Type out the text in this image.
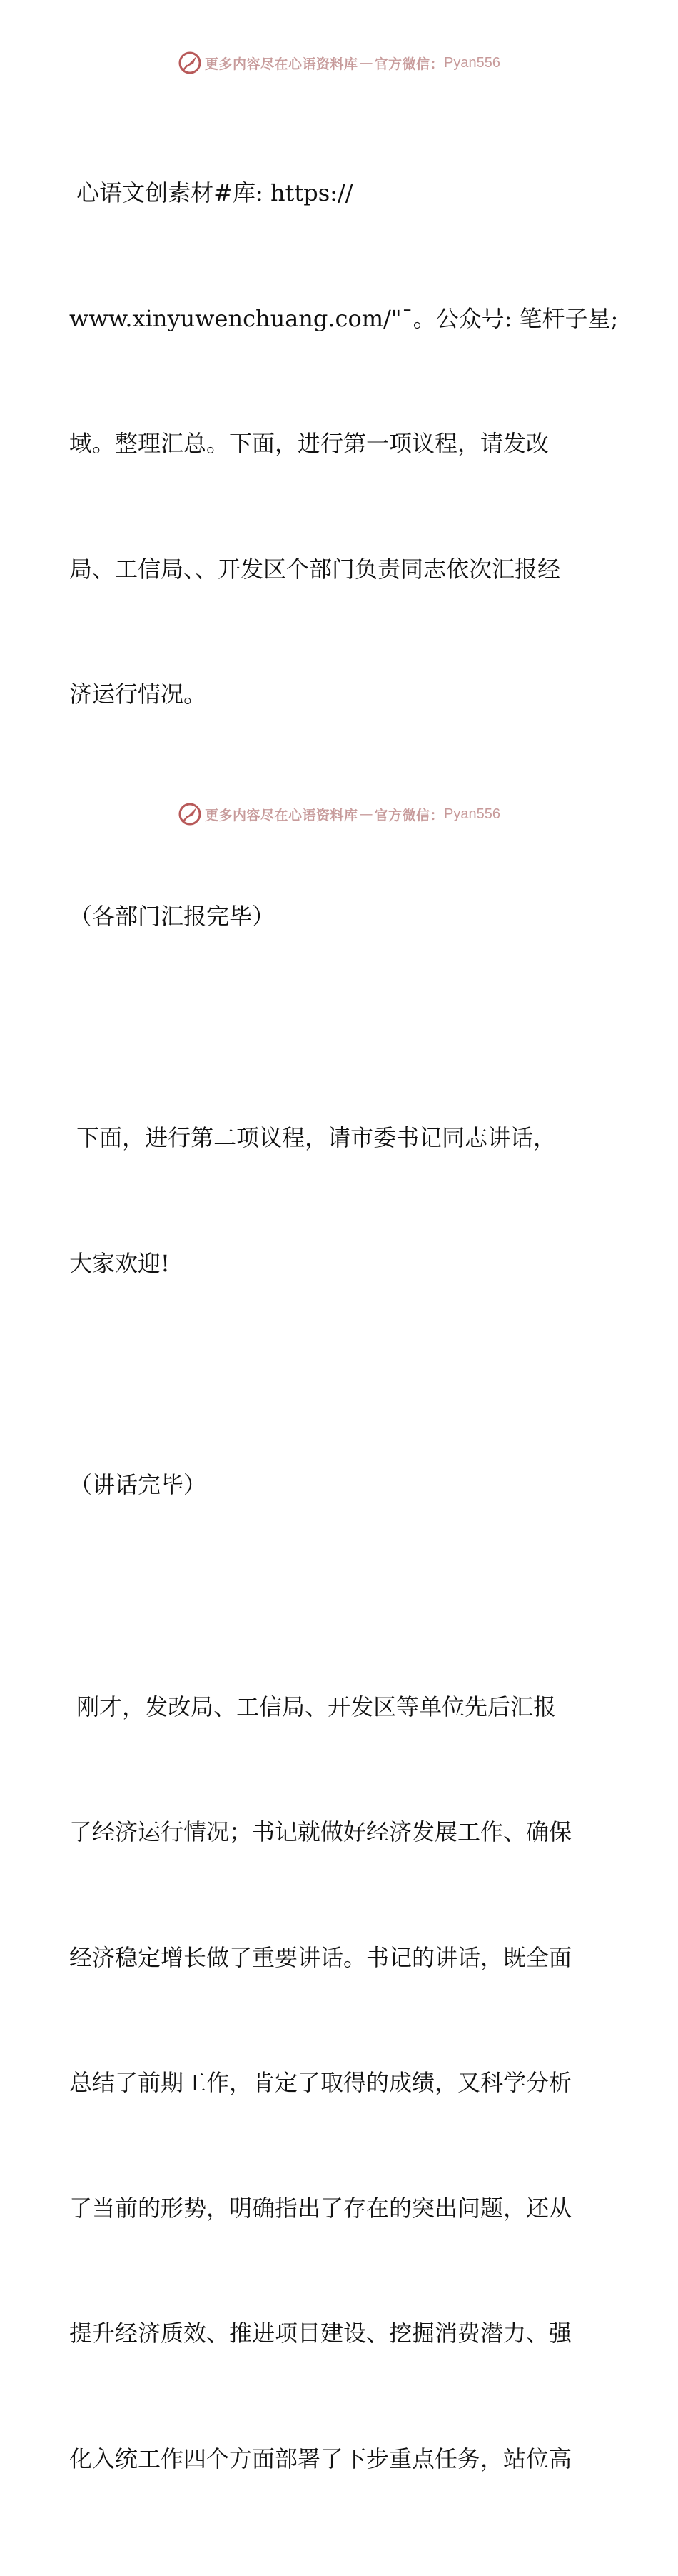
更多内容尽在心语资料库 — 官方微信： Pyan556

心语文创素材#库: https://

www.xinyuwenchuang.com/"¯。公众号: 笔杆子星;

域。整理汇总。下面，进行第一项议程，请发改

局、工信局、、开发区个部门负责同志依次汇报经

济运行情况。

（各部门汇报完毕）

下面，进行第二项议程，请市委书记同志讲话，

大家欢迎!

（讲话完毕）

刚才，发改局、工信局、开发区等单位先后汇报

了经济运行情况；书记就做好经济发展工作、确保

经济稳定增长做了重要讲话。书记的讲话，既全面

总结了前期工作，肯定了取得的成绩，又科学分析

了当前的形势，明确指出了存在的突出问题，还从

提升经济质效、推进项目建设、挖掘消费潜力、强

化入统工作四个方面部署了下步重点任务，站位高

更多内容尽在心语资料库 — 官方微信： Pyan556
